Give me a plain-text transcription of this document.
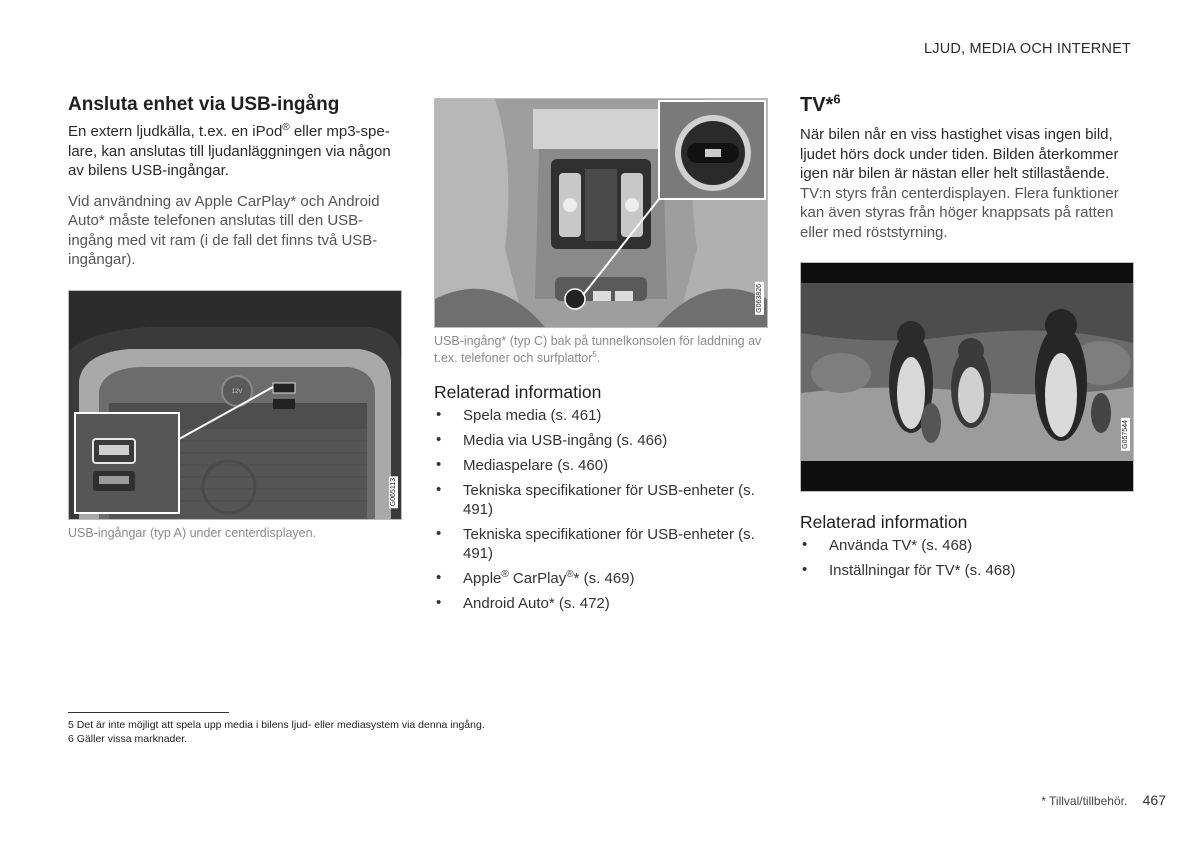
LJUD, MEDIA OCH INTERNET
Ansluta enhet via USB-ingång

En extern ljudkälla, t.ex. en iPod® eller mp3-spe-lare, kan anslutas till ljudanläggningen via någon av bilens USB-ingångar.

Vid användning av Apple CarPlay* och Android Auto* måste telefonen anslutas till den USB-ingång med vit ram (i de fall det finns två USB-ingångar).

12V
G065113
USB-ingångar (typ A) under centerdisplayen.
G063826
USB-ingång* (typ C) bak på tunnelkonsolen för laddning av t.ex. telefoner och surfplattor$^5$.
Relaterad information
• Spela media (s. 461)
• Media via USB-ingång (s. 466)
• Mediaspelare (s. 460)
• Tekniska specifikationer för USB-enheter (s. 491)
• Tekniska specifikationer för USB-enheter (s. 491)
• Apple® CarPlay®* (s. 469)
• Android Auto* (s. 472)
TV*$^6$

När bilen når en viss hastighet visas ingen bild, ljudet hörs dock under tiden. Bilden återkommer igen när bilen är nästan eller helt stillastående.

TV:n styrs från centerdisplayen. Flera funktioner kan även styras från höger knappsats på ratten eller med röststyrning.

G057544
Relaterad information
• Använda TV* (s. 468)
• Inställningar för TV* (s. 468)
5 Det är inte möjligt att spela upp media i bilens ljud- eller mediasystem via denna ingång.
6 Gäller vissa marknader.
* Tillval/tillbehör. 467
